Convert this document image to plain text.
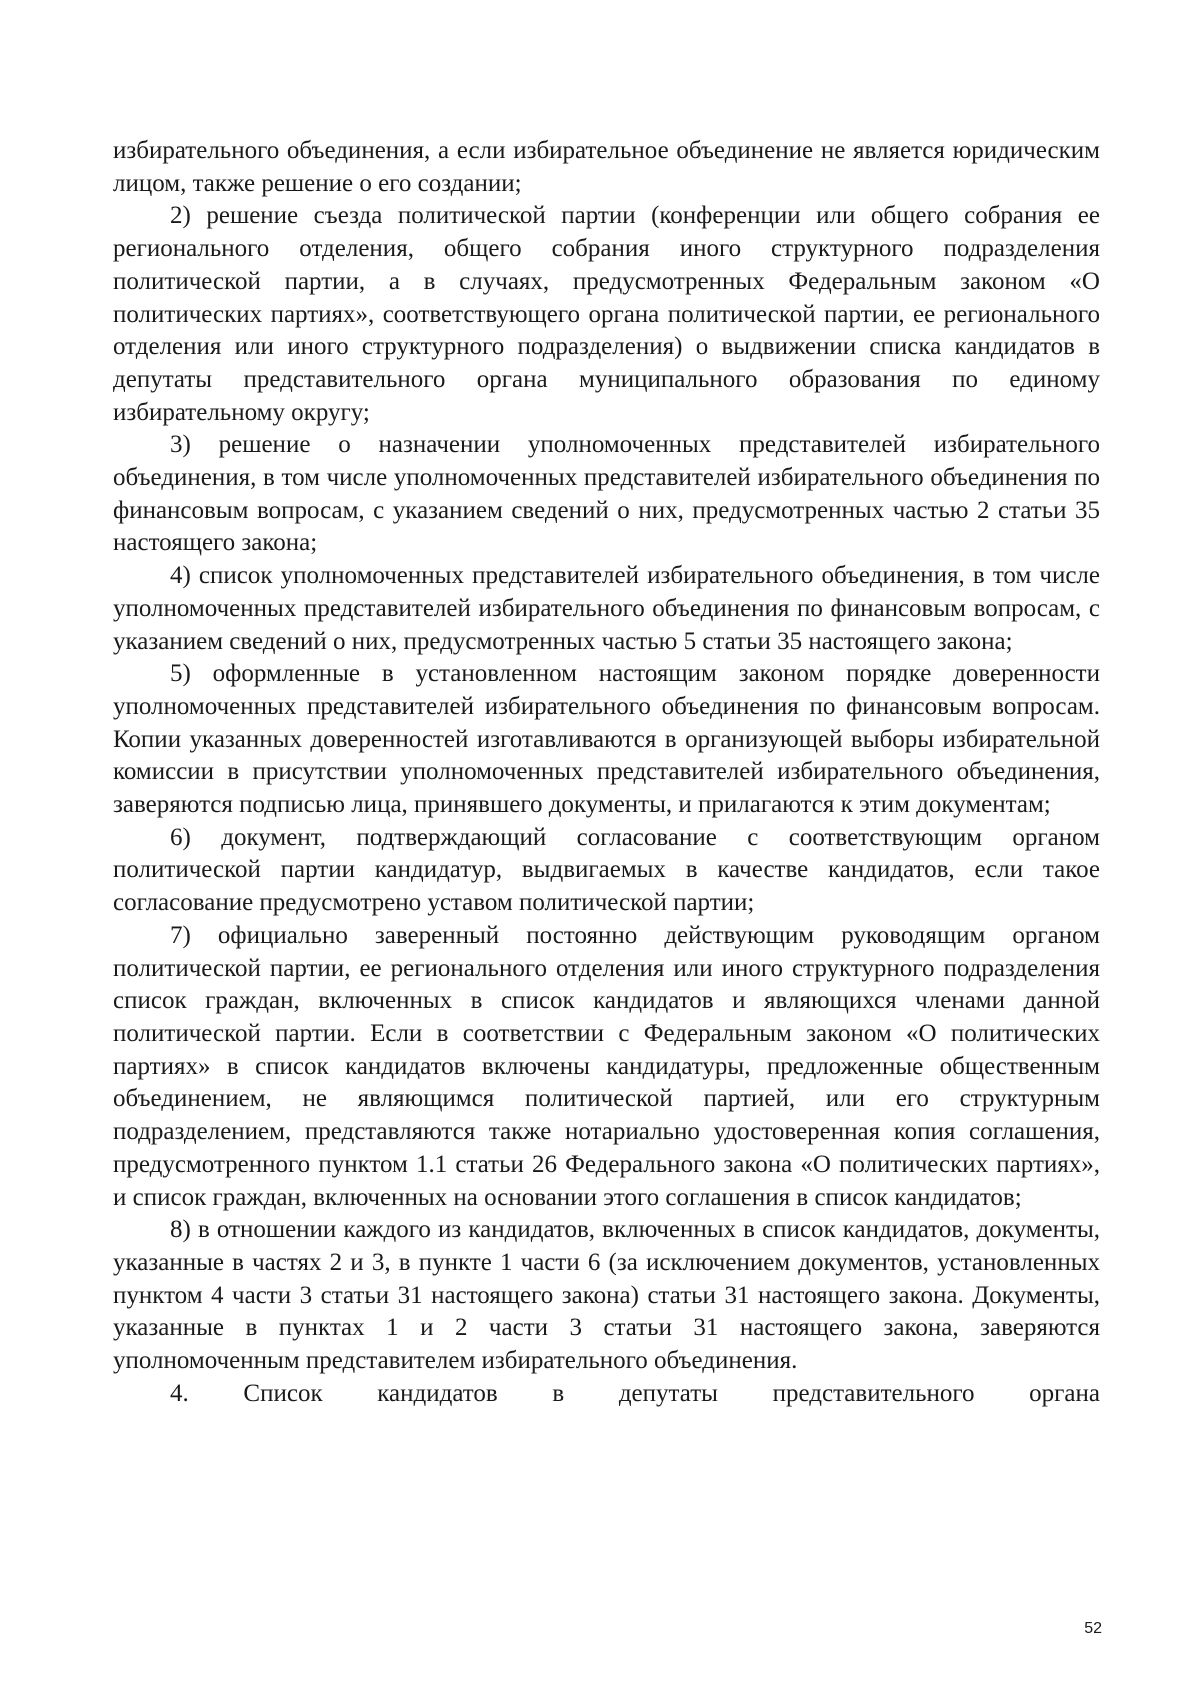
избирательного объединения, а если избирательное объединение не является юридическим лицом, также решение о его создании;

2) решение съезда политической партии (конференции или общего собрания ее регионального отделения, общего собрания иного структурного подразделения политической партии, а в случаях, предусмотренных Федеральным законом «О политических партиях», соответствующего органа политической партии, ее регионального отделения или иного структурного подразделения) о выдвижении списка кандидатов в депутаты представительного органа муниципального образования по единому избирательному округу;

3) решение о назначении уполномоченных представителей избирательного объединения, в том числе уполномоченных представителей избирательного объединения по финансовым вопросам, с указанием сведений о них, предусмотренных частью 2 статьи 35 настоящего закона;

4) список уполномоченных представителей избирательного объединения, в том числе уполномоченных представителей избирательного объединения по финансовым вопросам, с указанием сведений о них, предусмотренных частью 5 статьи 35 настоящего закона;

5) оформленные в установленном настоящим законом порядке доверенности уполномоченных представителей избирательного объединения по финансовым вопросам. Копии указанных доверенностей изготавливаются в организующей выборы избирательной комиссии в присутствии уполномоченных представителей избирательного объединения, заверяются подписью лица, принявшего документы, и прилагаются к этим документам;

6) документ, подтверждающий согласование с соответствующим органом политической партии кандидатур, выдвигаемых в качестве кандидатов, если такое согласование предусмотрено уставом политической партии;

7) официально заверенный постоянно действующим руководящим органом политической партии, ее регионального отделения или иного структурного подразделения список граждан, включенных в список кандидатов и являющихся членами данной политической партии. Если в соответствии с Федеральным законом «О политических партиях» в список кандидатов включены кандидатуры, предложенные общественным объединением, не являющимся политической партией, или его структурным подразделением, представляются также нотариально удостоверенная копия соглашения, предусмотренного пунктом 1.1 статьи 26 Федерального закона «О политических партиях», и список граждан, включенных на основании этого соглашения в список кандидатов;

8) в отношении каждого из кандидатов, включенных в список кандидатов, документы, указанные в частях 2 и 3, в пункте 1 части 6 (за исключением документов, установленных пунктом 4 части 3 статьи 31 настоящего закона) статьи 31 настоящего закона. Документы, указанные в пунктах 1 и 2 части 3 статьи 31 настоящего закона, заверяются уполномоченным представителем избирательного объединения.

4. Список кандидатов в депутаты представительного органа

52
